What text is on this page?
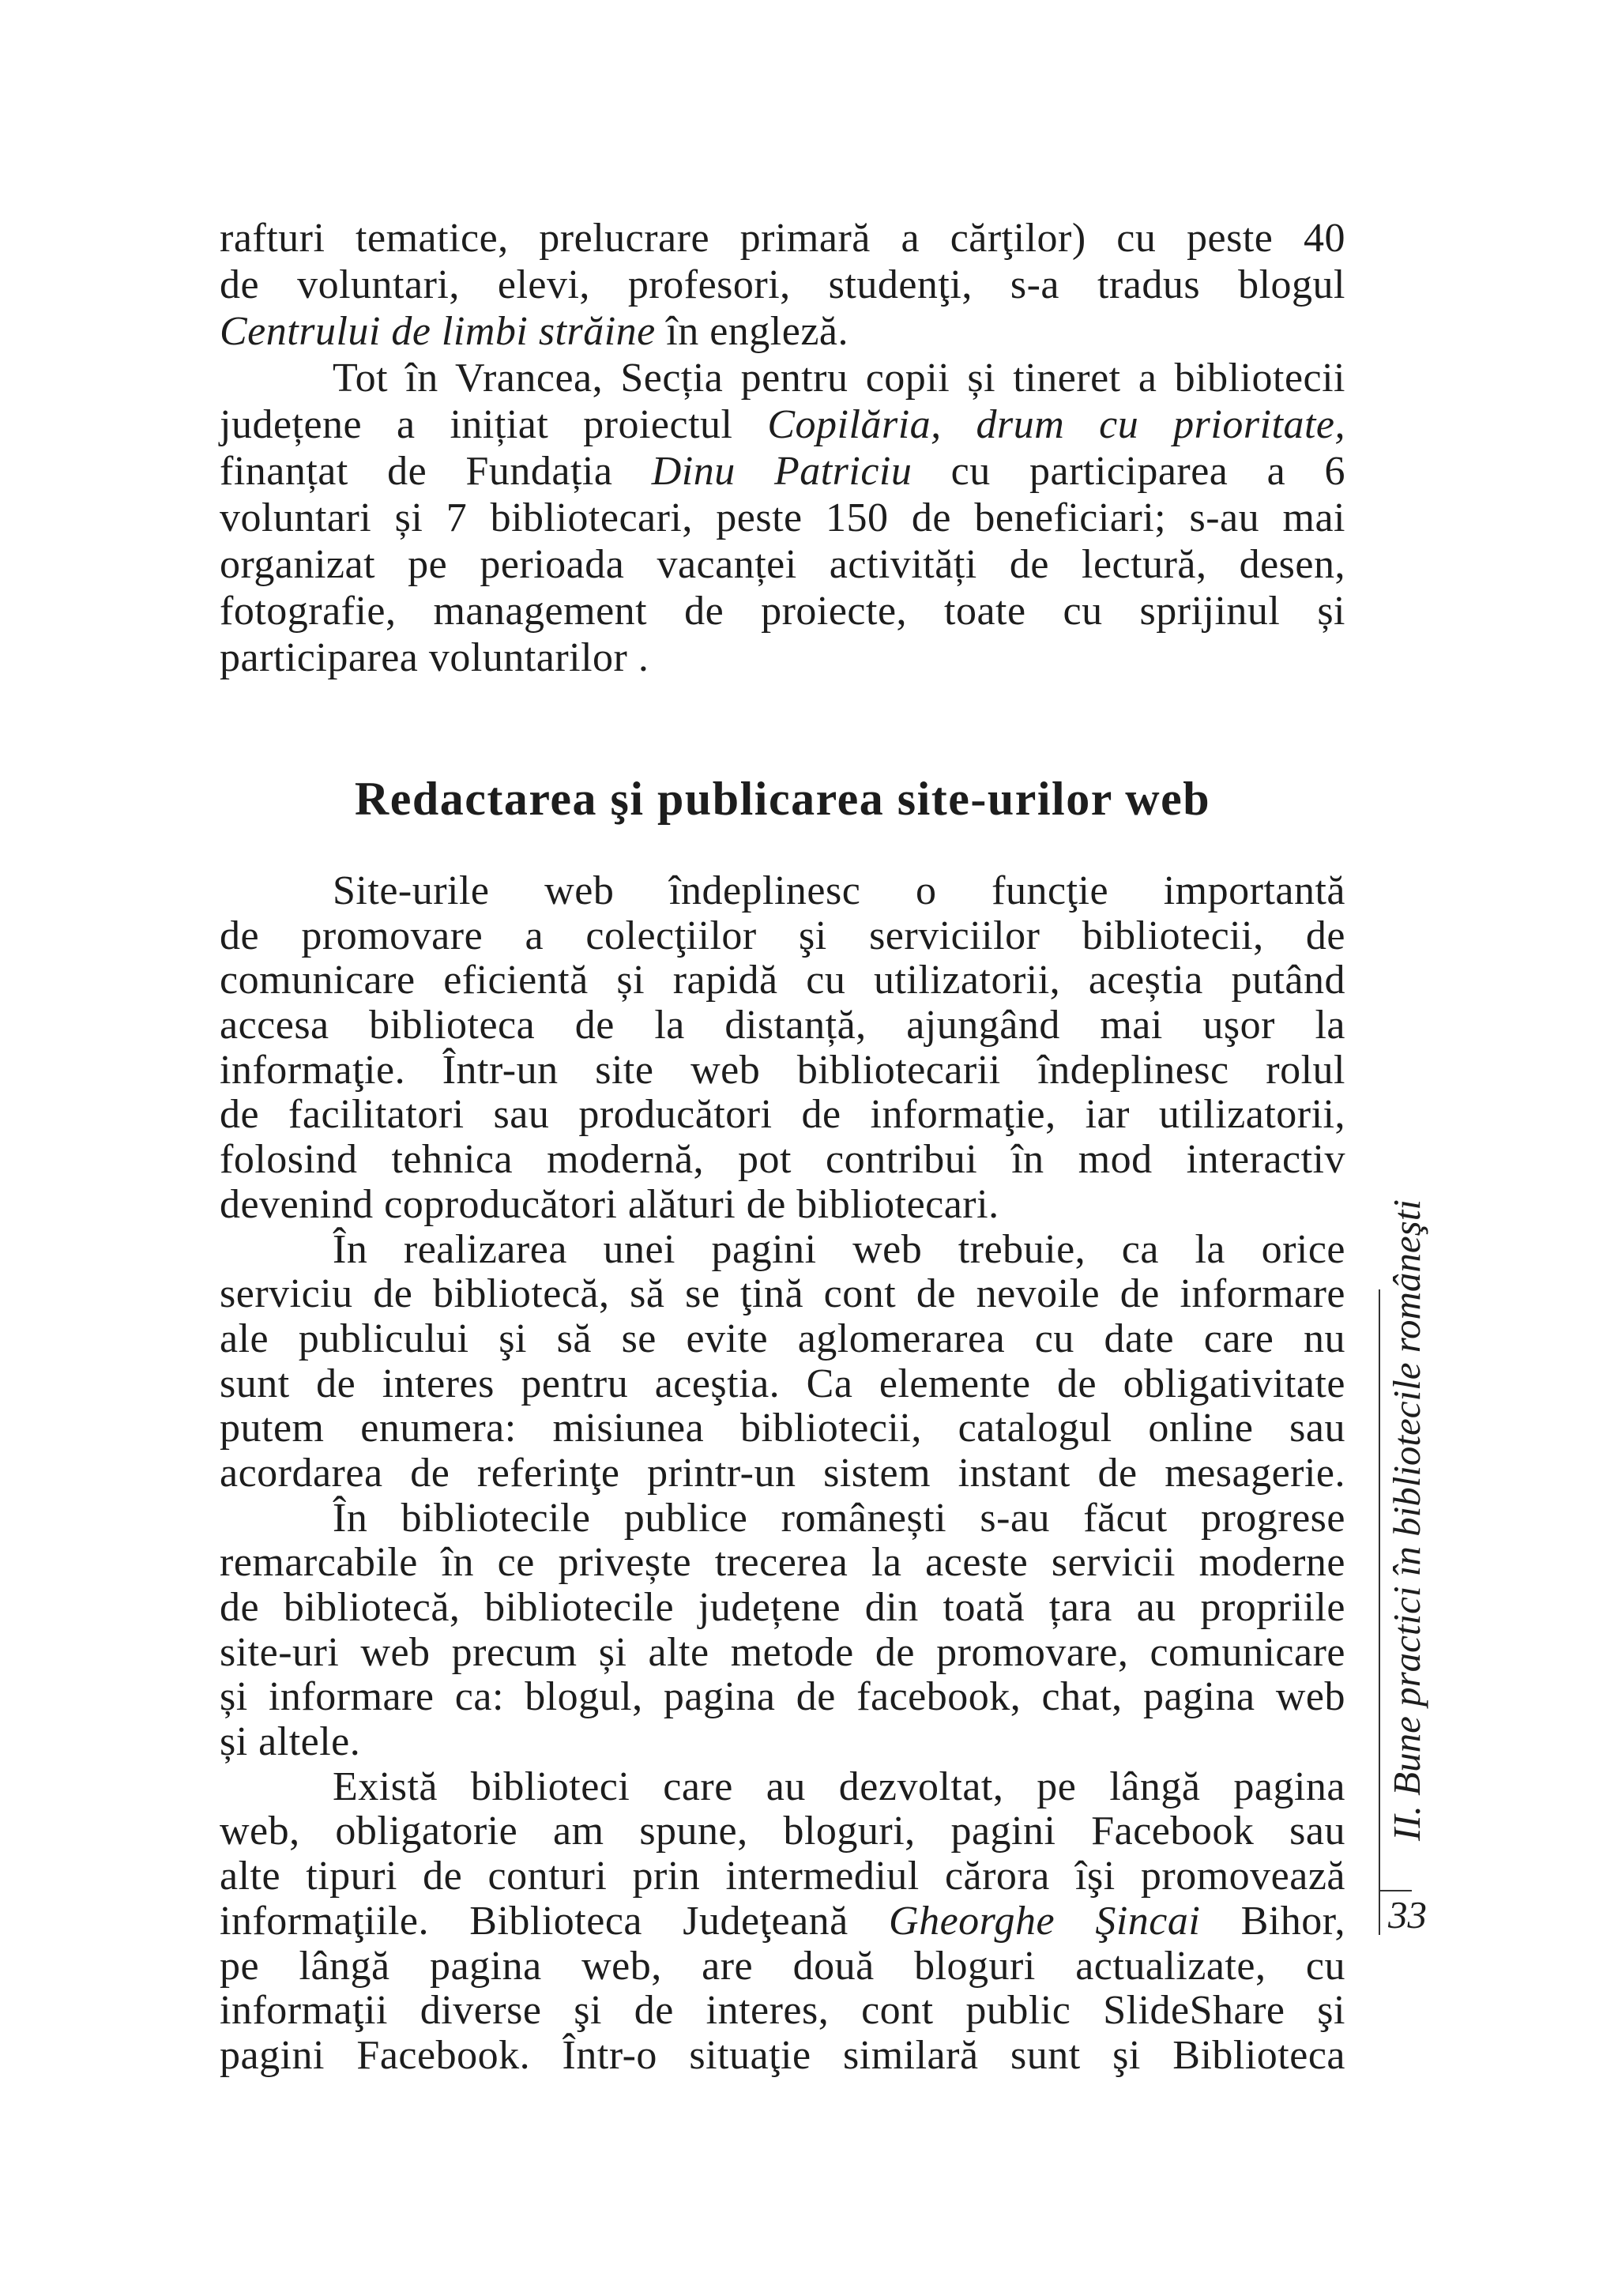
rafturi tematice, prelucrare primară a cărţilor) cu peste 40
de voluntari, elevi, profesori, studenţi, s-a tradus blogul
Centrului de limbi străine în engleză.
Tot în Vrancea, Secția pentru copii și tineret a bibliotecii
județene a inițiat proiectul Copilăria, drum cu prioritate,
finanțat de Fundația Dinu Patriciu cu participarea a 6
voluntari și 7 bibliotecari, peste 150 de beneficiari; s-au mai
organizat pe perioada vacanței activități de lectură, desen,
fotografie, management de proiecte, toate cu sprijinul și
participarea voluntarilor .
Redactarea şi publicarea site-urilor web
Site-urile web îndeplinesc o funcţie importantă
de promovare a colecţiilor şi serviciilor bibliotecii, de
comunicare eficientă și rapidă cu utilizatorii, aceștia putând
accesa biblioteca de la distanță, ajungând mai uşor la
informaţie. Într-un site web bibliotecarii îndeplinesc rolul
de facilitatori sau producători de informaţie, iar utilizatorii,
folosind tehnica modernă, pot contribui în mod interactiv
devenind coproducători alături de bibliotecari.
În realizarea unei pagini web trebuie, ca la orice
serviciu de bibliotecă, să se ţină cont de nevoile de informare
ale publicului şi să se evite aglomerarea cu date care nu
sunt de interes pentru aceştia. Ca elemente de obligativitate
putem enumera: misiunea bibliotecii, catalogul online sau
acordarea de referinţe printr-un sistem instant de mesagerie.
În bibliotecile publice românești s-au făcut progrese
remarcabile în ce privește trecerea la aceste servicii moderne
de bibliotecă, bibliotecile județene din toată țara au propriile
site-uri web precum și alte metode de promovare, comunicare
și informare ca: blogul, pagina de facebook, chat, pagina web
și altele.
Există biblioteci care au dezvoltat, pe lângă pagina
web, obligatorie am spune, bloguri, pagini Facebook sau
alte tipuri de conturi prin intermediul cărora îşi promovează
informaţiile. Biblioteca Judeţeană Gheorghe Şincai Bihor,
pe lângă pagina web, are două bloguri actualizate, cu
informaţii diverse şi de interes, cont public SlideShare şi
pagini Facebook. Într-o situaţie similară sunt şi Biblioteca
II. Bune practici în bibliotecile româneşti
33
